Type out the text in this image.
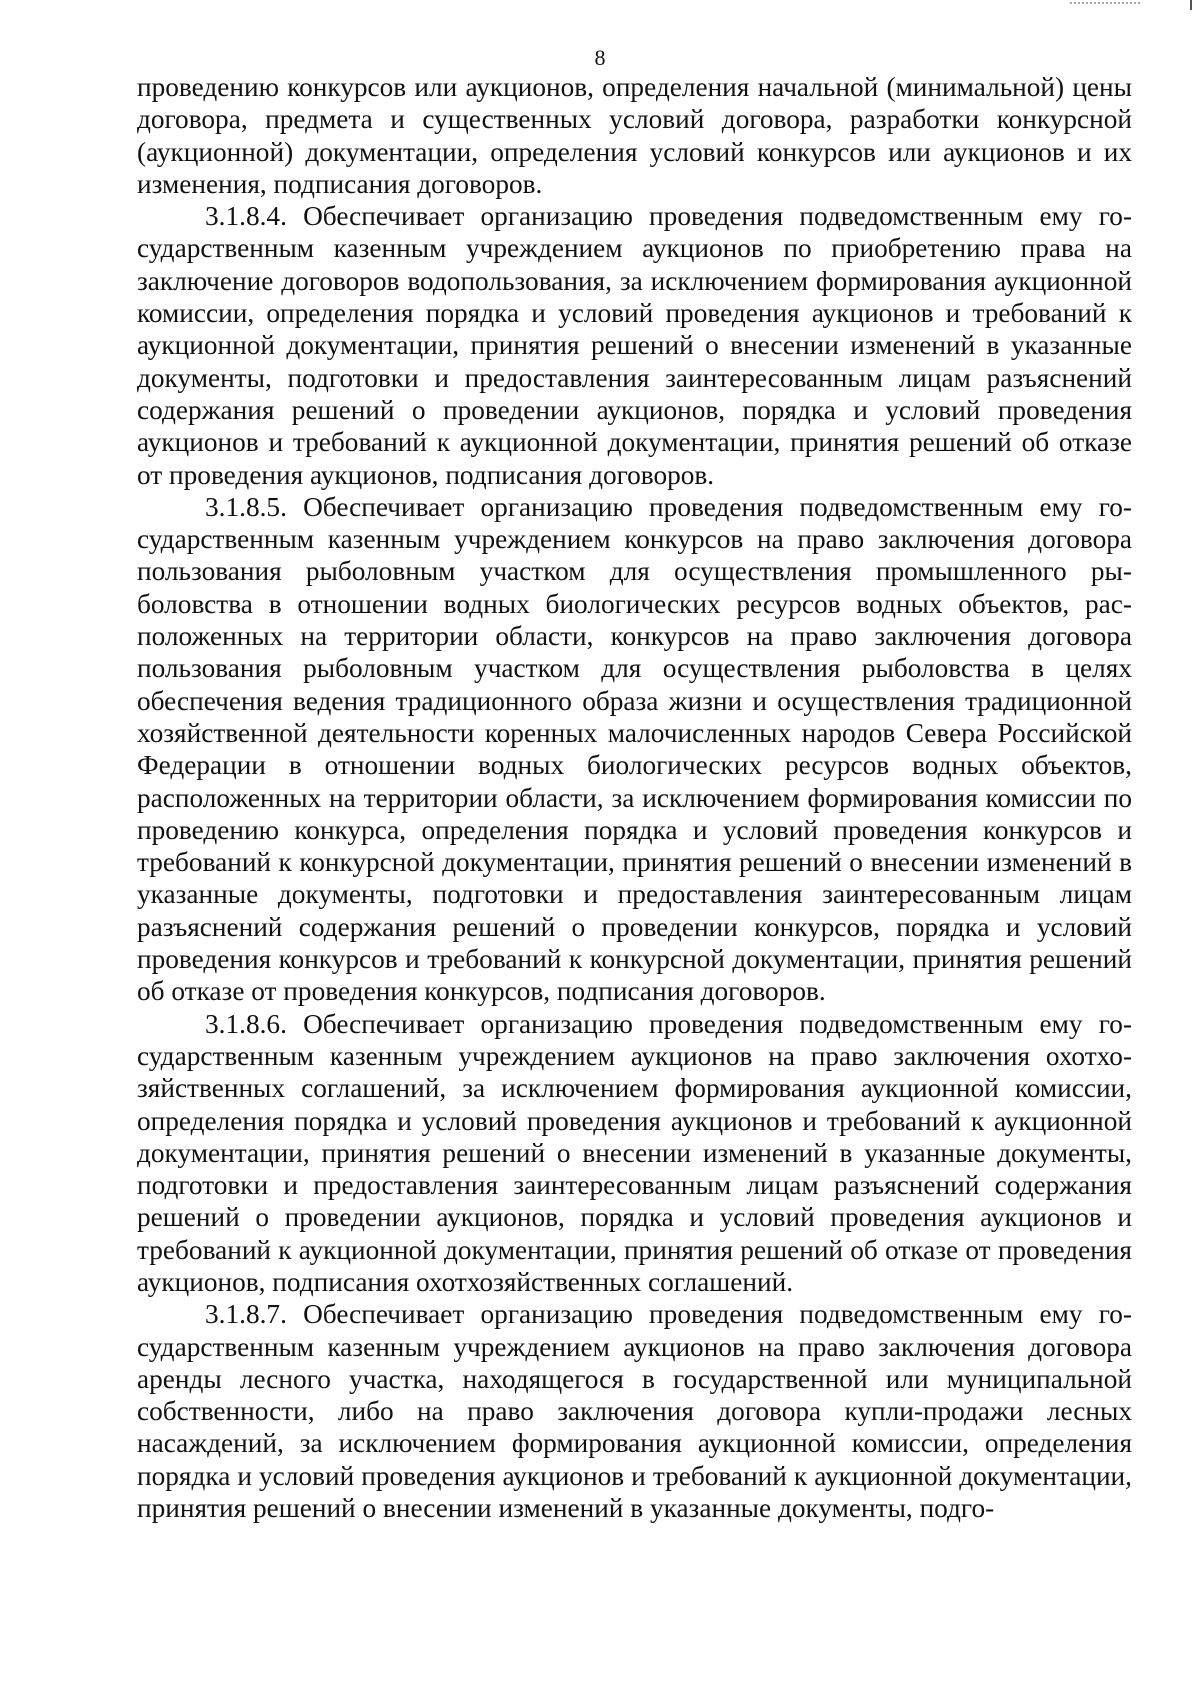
8

проведению конкурсов или аукционов, определения начальной (минимальной) цены договора, предмета и существенных условий договора, разработки конкурсной (аукционной) документации, определения условий конкурсов или аукционов и их изменения, подписания договоров.

3.1.8.4. Обеспечивает организацию проведения подведомственным ему государственным казенным учреждением аукционов по приобретению права на заключение договоров водопользования, за исключением формирования аукционной комиссии, определения порядка и условий проведения аукционов и требований к аукционной документации, принятия решений о внесении изменений в указанные документы, подготовки и предоставления заинтересованным лицам разъяснений содержания решений о проведении аукционов, порядка и условий проведения аукционов и требований к аукционной документации, принятия решений об отказе от проведения аукционов, подписания договоров.

3.1.8.5. Обеспечивает организацию проведения подведомственным ему государственным казенным учреждением конкурсов на право заключения договора пользования рыболовным участком для осуществления промышленного рыболовства в отношении водных биологических ресурсов водных объектов, расположенных на территории области, конкурсов на право заключения договора пользования рыболовным участком для осуществления рыболовства в целях обеспечения ведения традиционного образа жизни и осуществления традиционной хозяйственной деятельности коренных малочисленных народов Севера Российской Федерации в отношении водных биологических ресурсов водных объектов, расположенных на территории области, за исключением формирования комиссии по проведению конкурса, определения порядка и условий проведения конкурсов и требований к конкурсной документации, принятия решений о внесении изменений в указанные документы, подготовки и предоставления заинтересованным лицам разъяснений содержания решений о проведении конкурсов, порядка и условий проведения конкурсов и требований к конкурсной документации, принятия решений об отказе от проведения конкурсов, подписания договоров.

3.1.8.6. Обеспечивает организацию проведения подведомственным ему государственным казенным учреждением аукционов на право заключения охотхозяйственных соглашений, за исключением формирования аукционной комиссии, определения порядка и условий проведения аукционов и требований к аукционной документации, принятия решений о внесении изменений в указанные документы, подготовки и предоставления заинтересованным лицам разъяснений содержания решений о проведении аукционов, порядка и условий проведения аукционов и требований к аукционной документации, принятия решений об отказе от проведения аукционов, подписания охотхозяйственных соглашений.

3.1.8.7. Обеспечивает организацию проведения подведомственным ему государственным казенным учреждением аукционов на право заключения договора аренды лесного участка, находящегося в государственной или муниципальной собственности, либо на право заключения договора купли-продажи лесных насаждений, за исключением формирования аукционной комиссии, определения порядка и условий проведения аукционов и требований к аукционной документации, принятия решений о внесении изменений в указанные документы, подго-
